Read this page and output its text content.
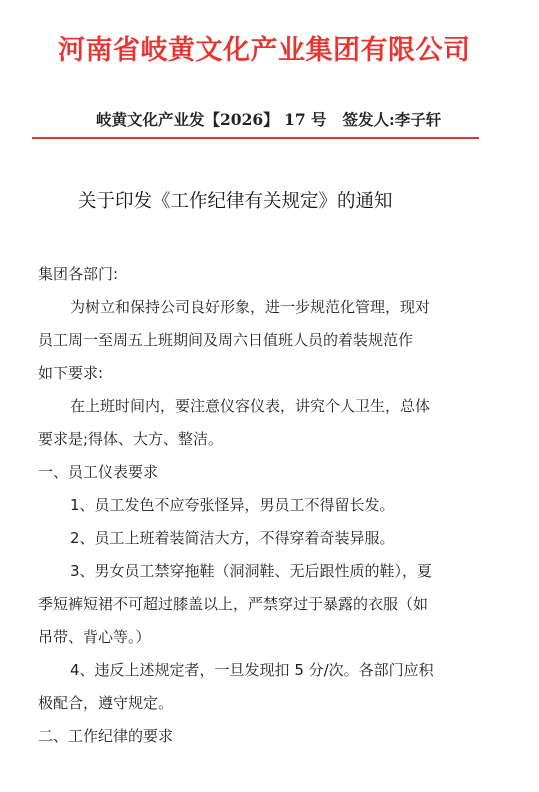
河南省岐黄文化产业集团有限公司
岐黄文化产业发【2026】 17 号 签发人:李子轩
关于印发《工作纪律有关规定》的通知

集团各部门:

为树立和保持公司良好形象，进一步规范化管理，现对

员工周一至周五上班期间及周六日值班人员的着装规范作

如下要求:

在上班时间内，要注意仪容仪表，讲究个人卫生，总体

要求是;得体、大方、整洁。

一、员工仪表要求

1、员工发色不应夸张怪异，男员工不得留长发。

2、员工上班着装简洁大方，不得穿着奇装异服。

3、男女员工禁穿拖鞋（洞洞鞋、无后跟性质的鞋），夏

季短裤短裙不可超过膝盖以上，严禁穿过于暴露的衣服（如

吊带、背心等。）

4、违反上述规定者，一旦发现扣 5 分/次。各部门应积

极配合，遵守规定。

二、工作纪律的要求
